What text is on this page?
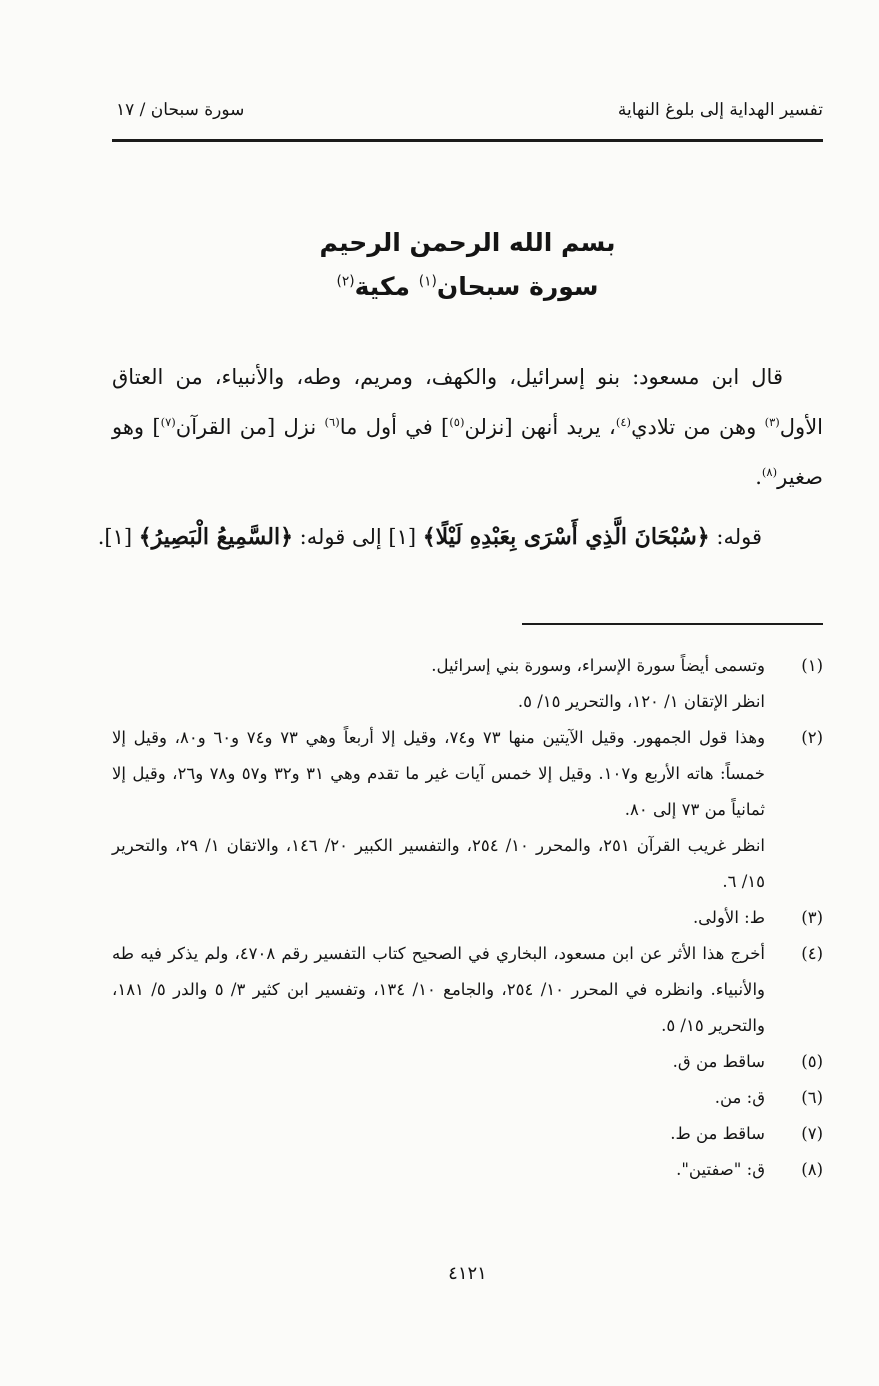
تفسير الهداية إلى بلوغ النهاية
سورة سبحان / ١٧
بسم الله الرحمن الرحيم
سورة سبحان$^{(١)}$ مكية$^{(٢)}$

قال ابن مسعود: بنو إسرائيل، والكهف، ومريم، وطه، والأنبياء، من العتاق الأول$^{(٣)}$ وهن من تلادي$^{(٤)}$، يريد أنهن [نزلن$^{(٥)}$] في أول ما$^{(٦)}$ نزل [من القرآن$^{(٧)}$] وهو صغير$^{(٨)}$.

قوله: ﴿سُبْحَانَ الَّذِي أَسْرَى بِعَبْدِهِ لَيْلًا﴾ [١] إلى قوله: ﴿السَّمِيعُ الْبَصِيرُ﴾ [١].
(١)

وتسمى أيضاً سورة الإسراء، وسورة بني إسرائيل.

انظر الإتقان ١/ ١٢٠، والتحرير ١٥/ ٥.

(٢)

وهذا قول الجمهور. وقيل الآيتين منها ٧٣ و٧٤، وقيل إلا أربعاً وهي ٧٣ و٧٤ و٦٠ و٨٠، وقيل إلا خمساً: هاته الأربع و١٠٧. وقيل إلا خمس آيات غير ما تقدم وهي ٣١ و٣٢ و٥٧ و٧٨ و٢٦، وقيل إلا ثمانياً من ٧٣ إلى ٨٠.

انظر غريب القرآن ٢٥١، والمحرر ١٠/ ٢٥٤، والتفسير الكبير ٢٠/ ١٤٦، والاتقان ١/ ٢٩، والتحرير ١٥/ ٦.

(٣)

ط: الأولى.

(٤)

أخرج هذا الأثر عن ابن مسعود، البخاري في الصحيح كتاب التفسير رقم ٤٧٠٨، ولم يذكر فيه طه والأنبياء. وانظره في المحرر ١٠/ ٢٥٤، والجامع ١٠/ ١٣٤، وتفسير ابن كثير ٣/ ٥ والدر ٥/ ١٨١، والتحرير ١٥/ ٥.

(٥)

ساقط من ق.

(٦)

ق: من.

(٧)

ساقط من ط.

(٨)

ق: "صفتين".

٤١٢١
